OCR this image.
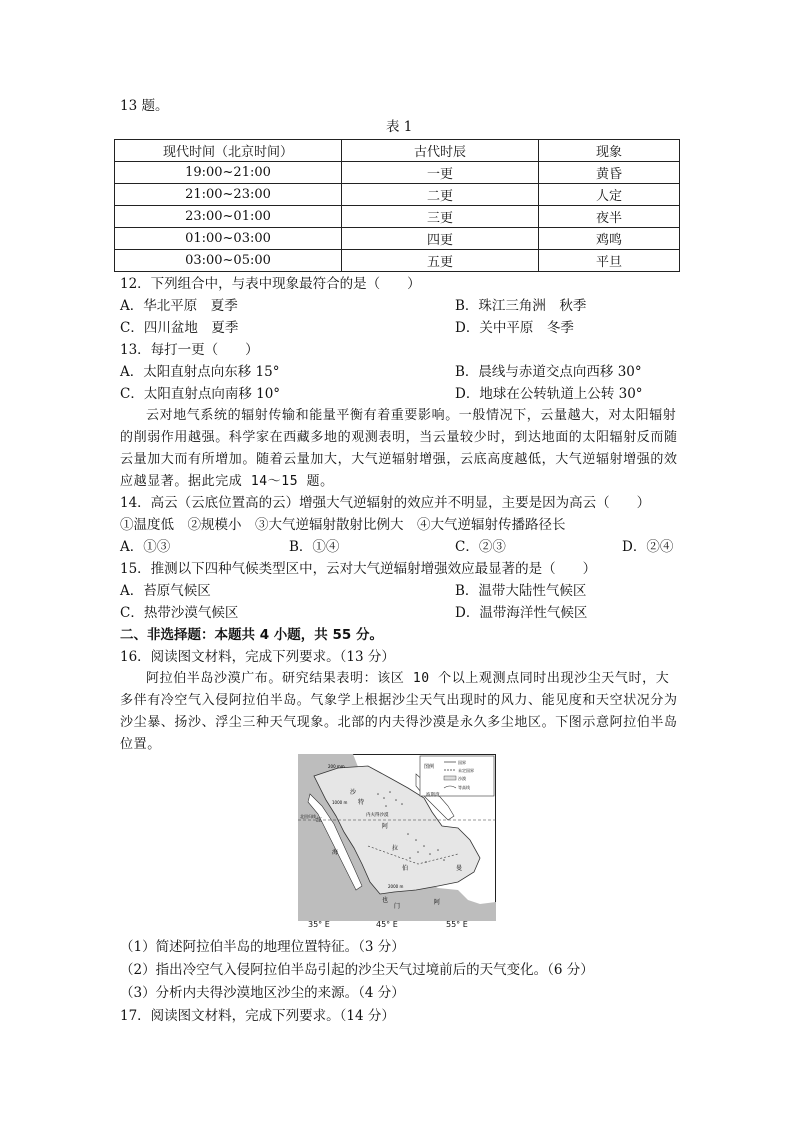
13 题。
表 1
现代时间（北京时间）	古代时辰	现象
19:00~21:00	一更	黄昏
21:00~23:00	二更	人定
23:00~01:00	三更	夜半
01:00~03:00	四更	鸡鸣
03:00~05:00	五更	平旦
12．下列组合中，与表中现象最符合的是（　　）
A．华北平原　夏季	B．珠江三角洲　秋季
C．四川盆地　夏季	D．关中平原　冬季
13．每打一更（　　）
A．太阳直射点向东移 15°	B．晨线与赤道交点向西移 30°
C．太阳直射点向南移 10°	D．地球在公转轨道上公转 30°
云对地气系统的辐射传输和能量平衡有着重要影响。一般情况下，云量越大，对太阳辐射的削弱作用越强。科学家在西藏多地的观测表明，当云量较少时，到达地面的太阳辐射反而随云量加大而有所增加。随着云量加大，大气逆辐射增强，云底高度越低，大气逆辐射增强的效应越显著。据此完成 14～15 题。
14．高云（云底位置高的云）增强大气逆辐射的效应并不明显，主要是因为高云（　　）
①温度低　②规模小　③大气逆辐射散射比例大　④大气逆辐射传播路径长
A．①③	B．①④	C．②③	D．②④
15．推测以下四种气候类型区中，云对大气逆辐射增强效应最显著的是（　　）
A．苔原气候区	B．温带大陆性气候区
C．热带沙漠气候区	D．温带海洋性气候区
二、非选择题：本题共 4 小题，共 55 分。
16．阅读图文材料，完成下列要求。（13 分）
阿拉伯半岛沙漠广布。研究结果表明：该区 10 个以上观测点同时出现沙尘天气时，大多伴有冷空气入侵阿拉伯半岛。气象学上根据沙尘天气出现时的风力、能见度和天空状况分为沙尘暴、扬沙、浮尘三种天气现象。北部的内夫得沙漠是永久多尘地区。下图示意阿拉伯半岛位置。
图例
国界
未定国界
沙漠
等高线
200 mm
1000 m
2000 m
沙
特
阿
拉
伯
内夫得沙漠
波斯湾
红
海
也
门
曼
阿
北回归线
35° E	45° E	55° E
（1）简述阿拉伯半岛的地理位置特征。（3 分）
（2）指出冷空气入侵阿拉伯半岛引起的沙尘天气过境前后的天气变化。（6 分）
（3）分析内夫得沙漠地区沙尘的来源。（4 分）
17．阅读图文材料，完成下列要求。（14 分）
